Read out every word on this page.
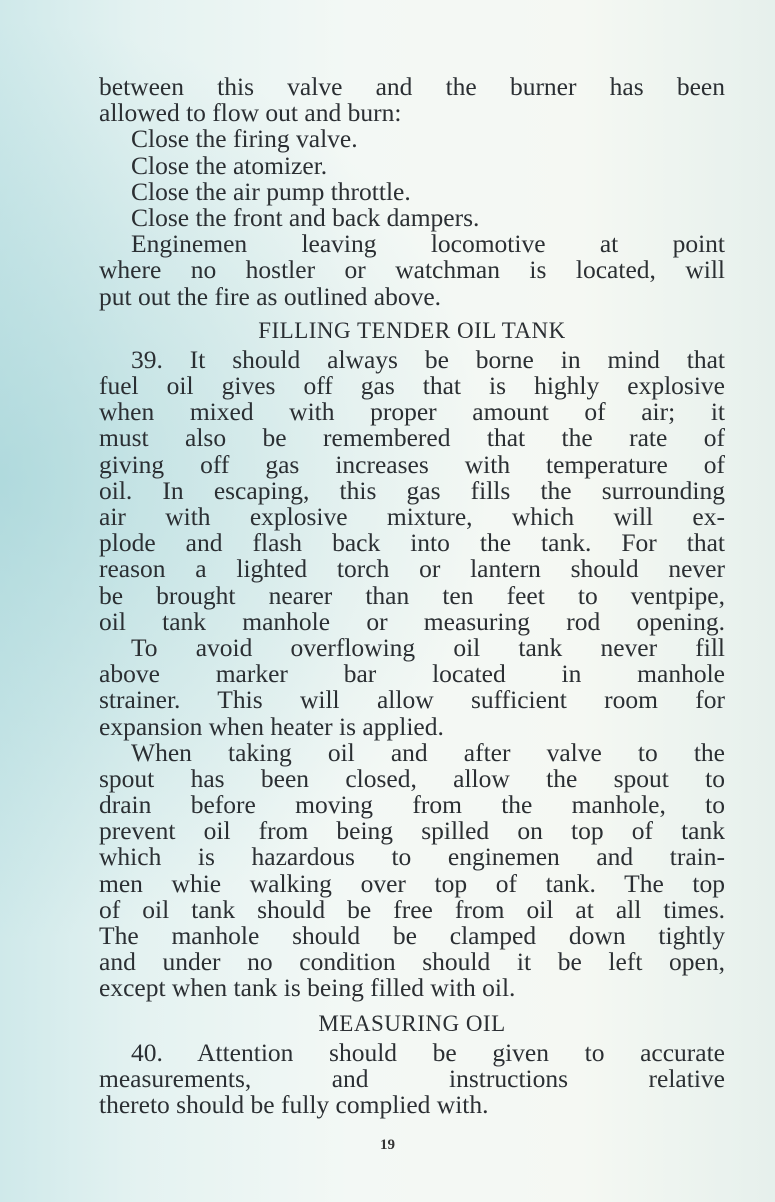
between this valve and the burner has been
allowed to flow out and burn:
Close the firing valve.
Close the atomizer.
Close the air pump throttle.
Close the front and back dampers.
Enginemen leaving locomotive at point
where no hostler or watchman is located, will
put out the fire as outlined above.
FILLING TENDER OIL TANK
39. It should always be borne in mind that
fuel oil gives off gas that is highly explosive
when mixed with proper amount of air; it
must also be remembered that the rate of
giving off gas increases with temperature of
oil. In escaping, this gas fills the surrounding
air with explosive mixture, which will ex-
plode and flash back into the tank. For that
reason a lighted torch or lantern should never
be brought nearer than ten feet to ventpipe,
oil tank manhole or measuring rod opening.
To avoid overflowing oil tank never fill
above marker bar located in manhole
strainer. This will allow sufficient room for
expansion when heater is applied.
When taking oil and after valve to the
spout has been closed, allow the spout to
drain before moving from the manhole, to
prevent oil from being spilled on top of tank
which is hazardous to enginemen and train-
men whie walking over top of tank. The top
of oil tank should be free from oil at all times.
The manhole should be clamped down tightly
and under no condition should it be left open,
except when tank is being filled with oil.
MEASURING OIL
40. Attention should be given to accurate
measurements, and instructions relative
thereto should be fully complied with.
19
